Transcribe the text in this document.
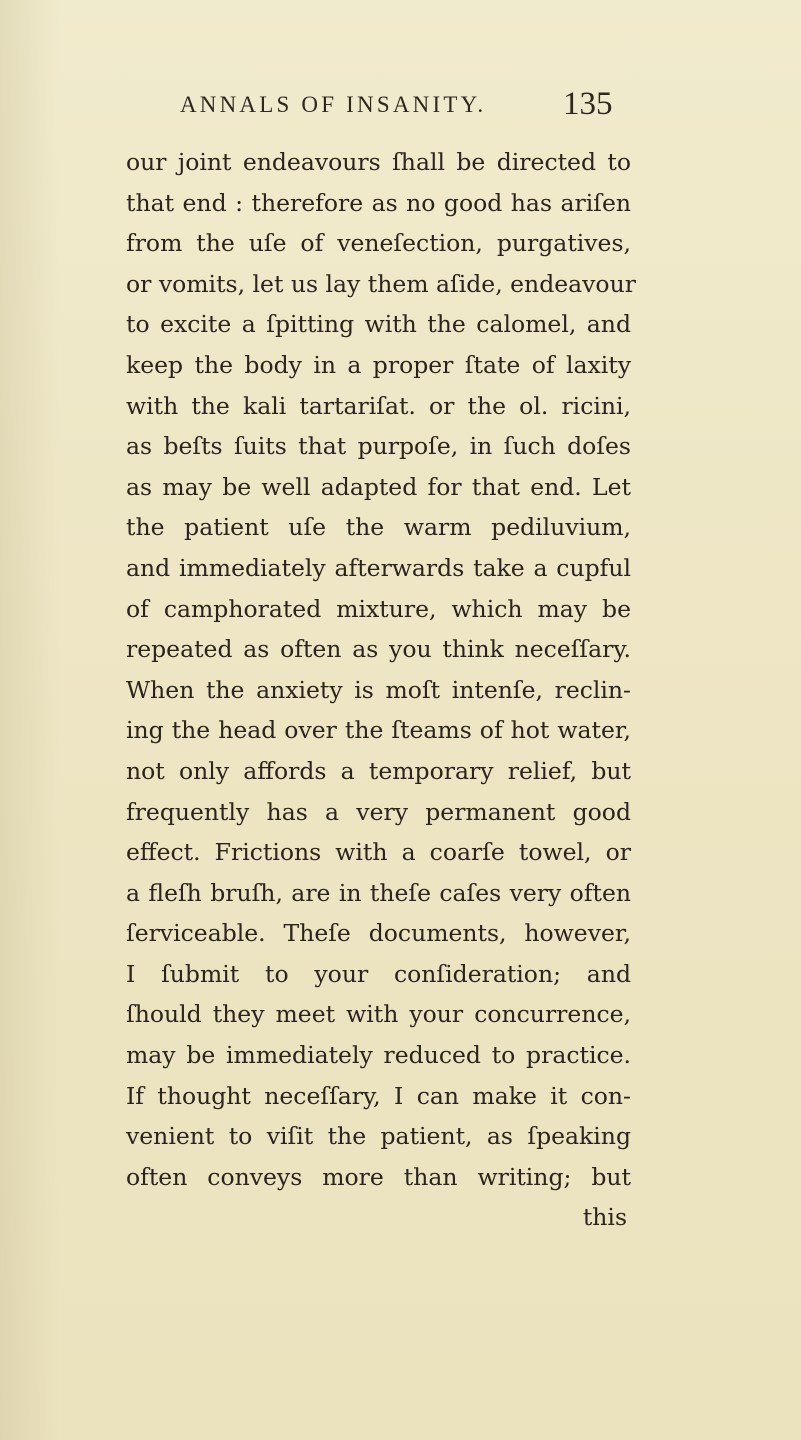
ANNALS OF INSANITY. 135
our joint endeavours ſhall be directed to
that end : therefore as no good has ariſen
from the uſe of veneſection, purgatives,
or vomits, let us lay them aſide, endeavour
to excite a ſpitting with the calomel, and
keep the body in a proper ſtate of laxity
with the kali tartariſat. or the ol. ricini,
as beſts ſuits that purpoſe, in ſuch doſes
as may be well adapted for that end. Let
the patient uſe the warm pediluvium,
and immediately afterwards take a cupful
of camphorated mixture, which may be
repeated as often as you think neceſſary.
When the anxiety is moſt intenſe, reclin-
ing the head over the ſteams of hot water,
not only affords a temporary relief, but
frequently has a very permanent good
effect. Frictions with a coarſe towel, or
a fleſh bruſh, are in theſe caſes very often
ſerviceable. Theſe documents, however,
I ſubmit to your conſideration; and
ſhould they meet with your concurrence,
may be immediately reduced to practice.
If thought neceſſary, I can make it con-
venient to viſit the patient, as ſpeaking
often conveys more than writing; but
this
